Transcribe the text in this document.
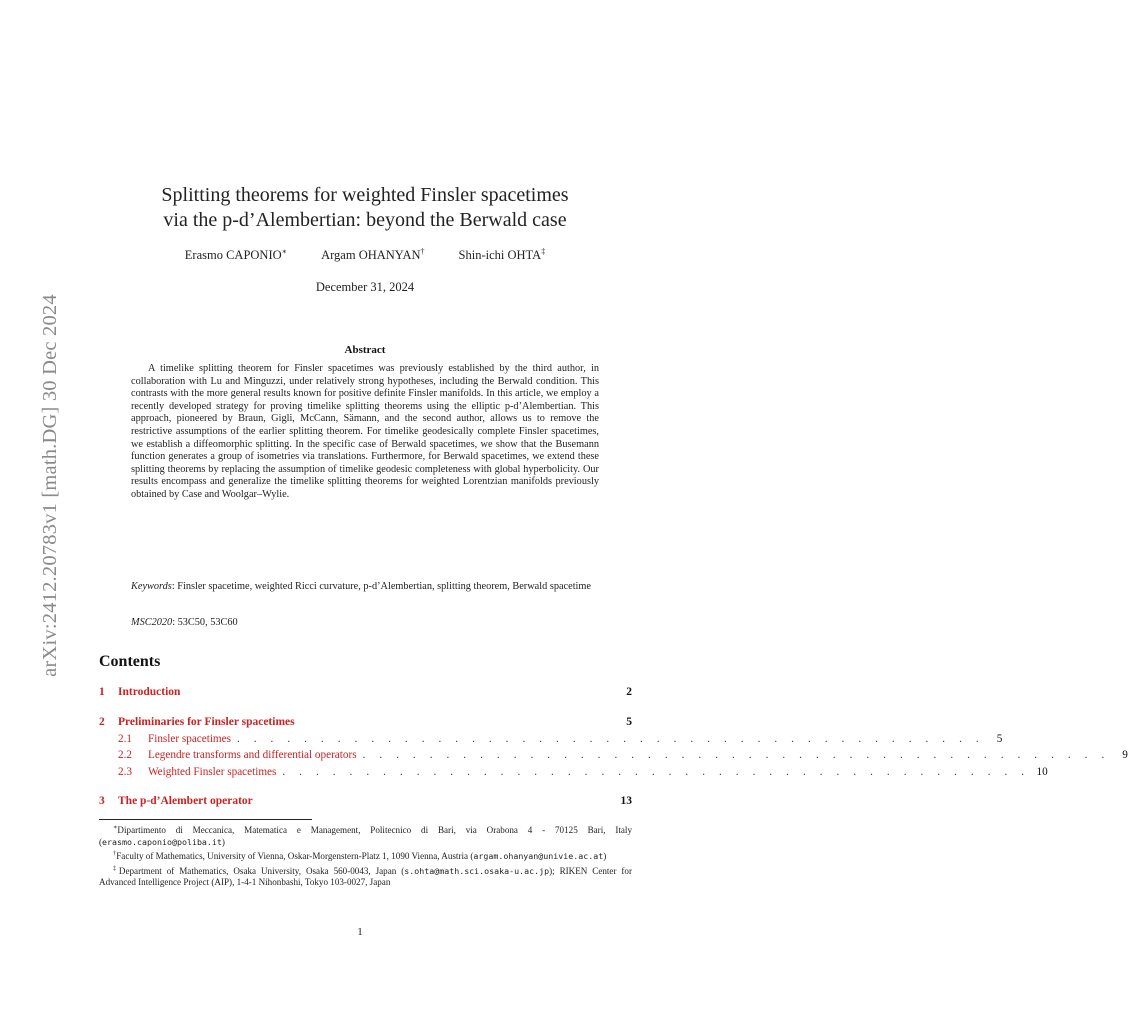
arXiv:2412.20783v1 [math.DG] 30 Dec 2024
Splitting theorems for weighted Finsler spacetimes
via the p-d’Alembertian: beyond the Berwald case
Erasmo CAPONIO∗	Argam OHANYAN†	Shin-ichi OHTA‡
December 31, 2024
Abstract

A timelike splitting theorem for Finsler spacetimes was previously established by the third author, in collaboration with Lu and Minguzzi, under relatively strong hypotheses, including the Berwald condition. This contrasts with the more general results known for positive definite Finsler manifolds. In this article, we employ a recently developed strategy for proving timelike splitting theorems using the elliptic p-d’Alembertian. This approach, pioneered by Braun, Gigli, McCann, Sämann, and the second author, allows us to remove the restrictive assumptions of the earlier splitting theorem. For timelike geodesically complete Finsler spacetimes, we establish a diffeomorphic splitting. In the specific case of Berwald spacetimes, we show that the Busemann function generates a group of isometries via translations. Furthermore, for Berwald spacetimes, we extend these splitting theorems by replacing the assumption of timelike geodesic completeness with global hyperbolicity. Our results encompass and generalize the timelike splitting theorems for weighted Lorentzian manifolds previously obtained by Case and Woolgar–Wylie.

Keywords: Finsler spacetime, weighted Ricci curvature, p-d’Alembertian, splitting theorem, Berwald spacetime

MSC2020: 53C50, 53C60

Contents
1	Introduction	2
2	Preliminaries for Finsler spacetimes	5
2.1	Finsler spacetimes . . . . . . . . . . . . . . . . . . . . . . . . . . . . . . . . . . . . . . . . . . . . .	5
2.2	Legendre transforms and differential operators . . . . . . . . . . . . . . . . . . . . . . . . . . . . . . . . . . . . . . . . . . . . .	9
2.3	Weighted Finsler spacetimes . . . . . . . . . . . . . . . . . . . . . . . . . . . . . . . . . . . . . . . . . . . . . 10
3	The p-d’Alembert operator	13

∗Dipartimento di Meccanica, Matematica e Management, Politecnico di Bari, via Orabona 4 - 70125 Bari, Italy (erasmo.caponio@poliba.it)

†Faculty of Mathematics, University of Vienna, Oskar-Morgenstern-Platz 1, 1090 Vienna, Austria (argam.ohanyan@univie.ac.at)

‡Department of Mathematics, Osaka University, Osaka 560-0043, Japan (s.ohta@math.sci.osaka-u.ac.jp); RIKEN Center for Advanced Intelligence Project (AIP), 1-4-1 Nihonbashi, Tokyo 103-0027, Japan

1
